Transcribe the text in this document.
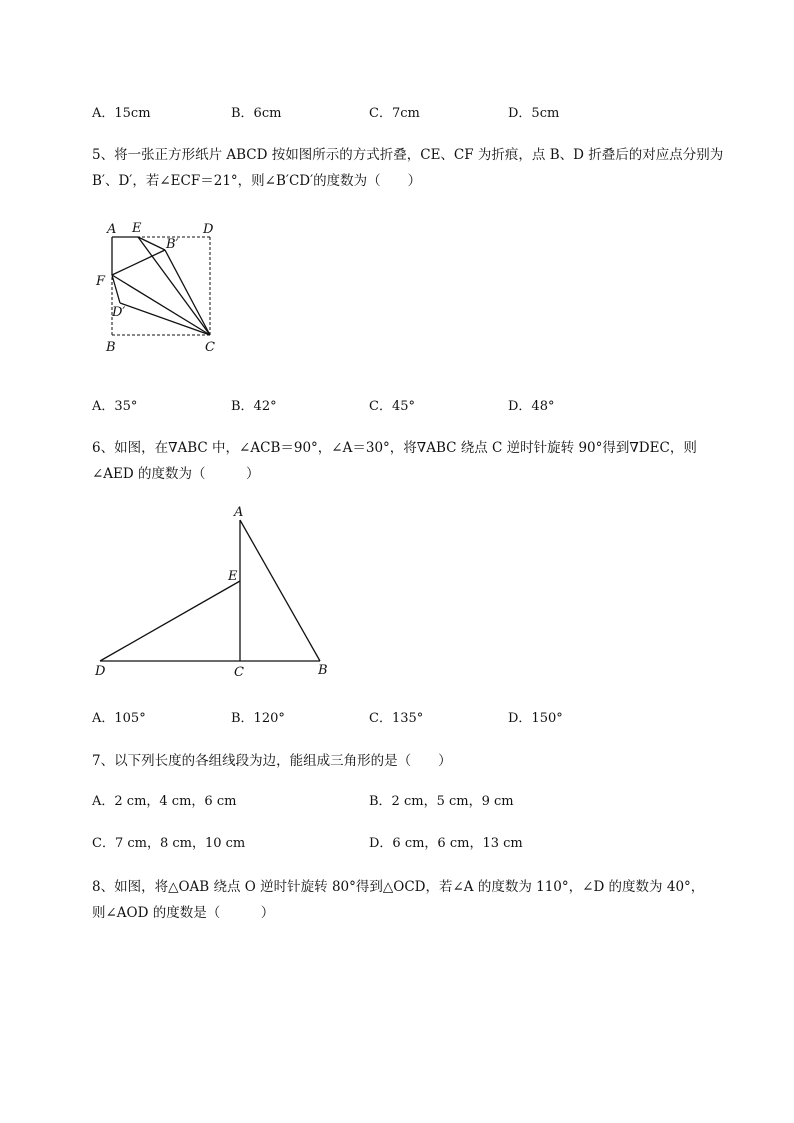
A．15cm	B．6cm	C．7cm	D．5cm
5、将一张正方形纸片 ABCD 按如图所示的方式折叠，CE、CF 为折痕，点 B、D 折叠后的对应点分别为
B′、D′，若∠ECF＝21°，则∠B′CD′的度数为（　　）
A E	D
B′
F
D′
B	C
A．35°	B．42°	C．45°	D．48°
6、如图，在∇ABC 中，∠ACB＝90°，∠A＝30°，将∇ABC 绕点 C 逆时针旋转 90°得到∇DEC，则
∠AED 的度数为（　　　）
A
E
D	C	B
A．105°	B．120°	C．135°	D．150°
7、以下列长度的各组线段为边，能组成三角形的是（　　）
A．2 cm，4 cm，6 cm	B．2 cm，5 cm，9 cm
C．7 cm，8 cm，10 cm	D．6 cm，6 cm，13 cm
8、如图，将△OAB 绕点 O 逆时针旋转 80°得到△OCD，若∠A 的度数为 110°，∠D 的度数为 40°，
则∠AOD 的度数是（　　　）
